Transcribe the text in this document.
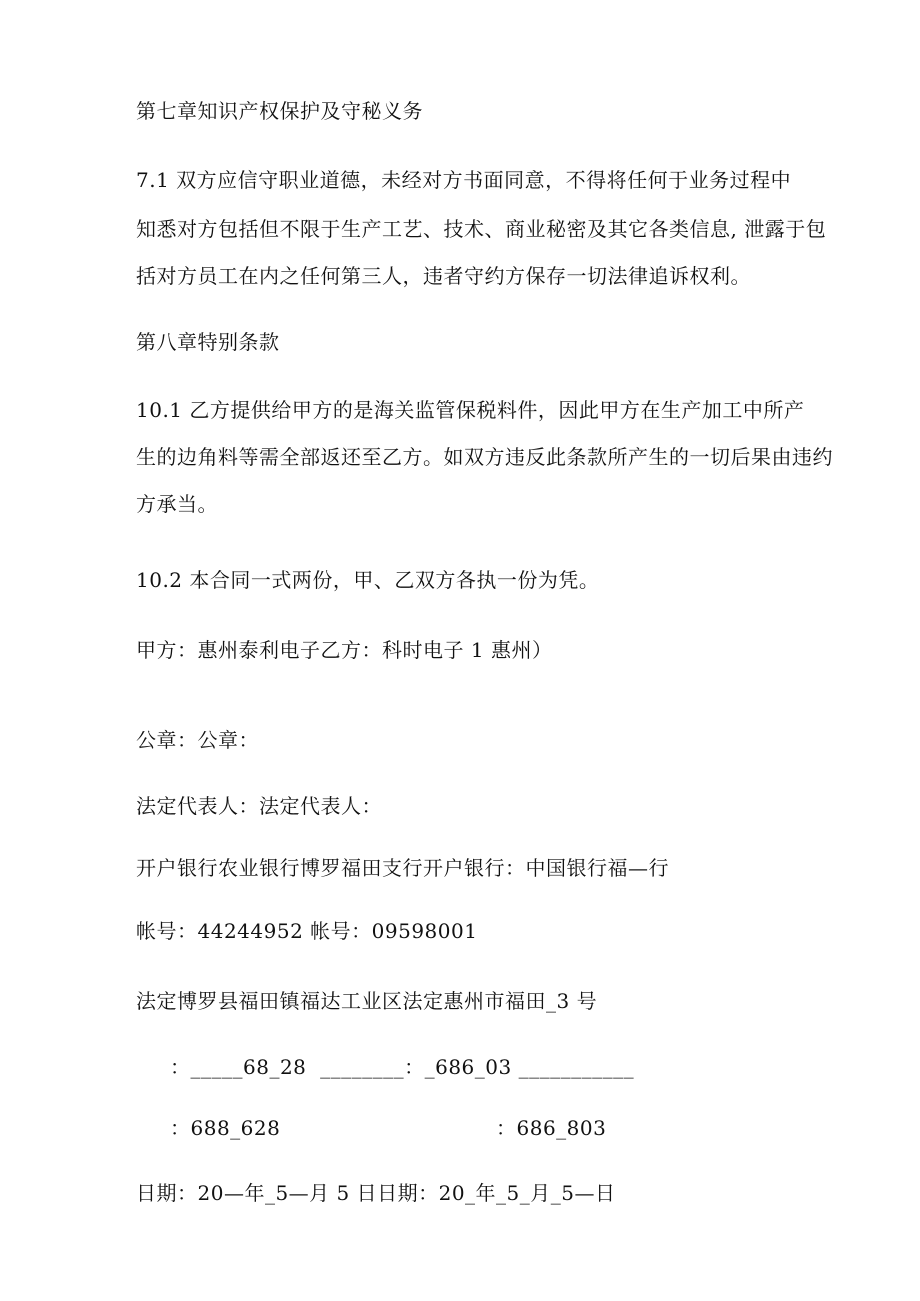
第七章知识产权保护及守秘义务
7.1 双方应信守职业道德，未经对方书面同意，不得将任何于业务过程中
知悉对方包括但不限于生产工艺、技术、商业秘密及其它各类信息, 泄露于包
括对方员工在内之任何第三人，违者守约方保存一切法律追诉权利。
第八章特别条款
10.1 乙方提供给甲方的是海关监管保税料件，因此甲方在生产加工中所产
生的边角料等需全部返还至乙方。如双方违反此条款所产生的一切后果由违约
方承当。
10.2 本合同一式两份，甲、乙双方各执一份为凭。
甲方：惠州泰利电子乙方：科时电子 1 惠州）
公章：公章：
法定代表人：法定代表人：
开户银行农业银行博罗福田支行开户银行：中国银行福—行
帐号：44244952 帐号：09598001
法定博罗县福田镇福达工业区法定惠州市福田_3 号
：_____68_28  ________：_686_03 ___________
：688_628	：686_803
日期：20—年_5—月 5 日日期：20_年_5_月_5—日
